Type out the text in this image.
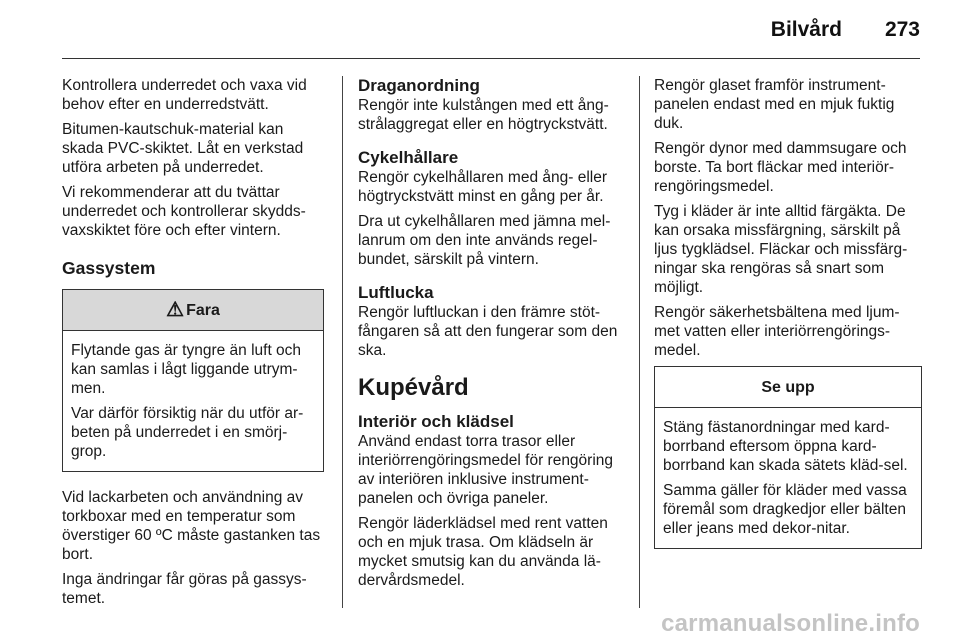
Bilvård 273

Kontrollera underredet och vaxa vid behov efter en underredstvätt.

Bitumen-kautschuk-material kan skada PVC-skiktet. Låt en verkstad utföra arbeten på underredet.

Vi rekommenderar att du tvättar underredet och kontrollerar skydds-vaxskiktet före och efter vintern.

Gassystem
⚠ Fara

Flytande gas är tyngre än luft och kan samlas i lågt liggande utrym-men.

Var därför försiktig när du utför ar-beten på underredet i en smörj-grop.

Vid lackarbeten och användning av torkboxar med en temperatur som överstiger 60 ºC måste gastanken tas bort.

Inga ändringar får göras på gassys-temet.

Draganordning

Rengör inte kulstången med ett ång-strålaggregat eller en högtryckstvätt.

Cykelhållare

Rengör cykelhållaren med ång- eller högtryckstvätt minst en gång per år.

Dra ut cykelhållaren med jämna mel-lanrum om den inte används regel-bundet, särskilt på vintern.

Luftlucka

Rengör luftluckan i den främre stöt-fångaren så att den fungerar som den ska.

Kupévård
Interiör och klädsel

Använd endast torra trasor eller interiörrengöringsmedel för rengöring av interiören inklusive instrument-panelen och övriga paneler.

Rengör läderklädsel med rent vatten och en mjuk trasa. Om klädseln är mycket smutsig kan du använda lä-dervårdsmedel.

Rengör glaset framför instrument-panelen endast med en mjuk fuktig duk.

Rengör dynor med dammsugare och borste. Ta bort fläckar med interiör-rengöringsmedel.

Tyg i kläder är inte alltid färgäkta. De kan orsaka missfärgning, särskilt på ljus tygklädsel. Fläckar och missfärg-ningar ska rengöras så snart som möjligt.

Rengör säkerhetsbältena med ljum-met vatten eller interiörrengörings-medel.

Se upp

Stäng fästanordningar med kard-borrband eftersom öppna kard-borrband kan skada sätets kläd-sel.

Samma gäller för kläder med vassa föremål som dragkedjor eller bälten eller jeans med dekor-nitar.

carmanualsonline.info
